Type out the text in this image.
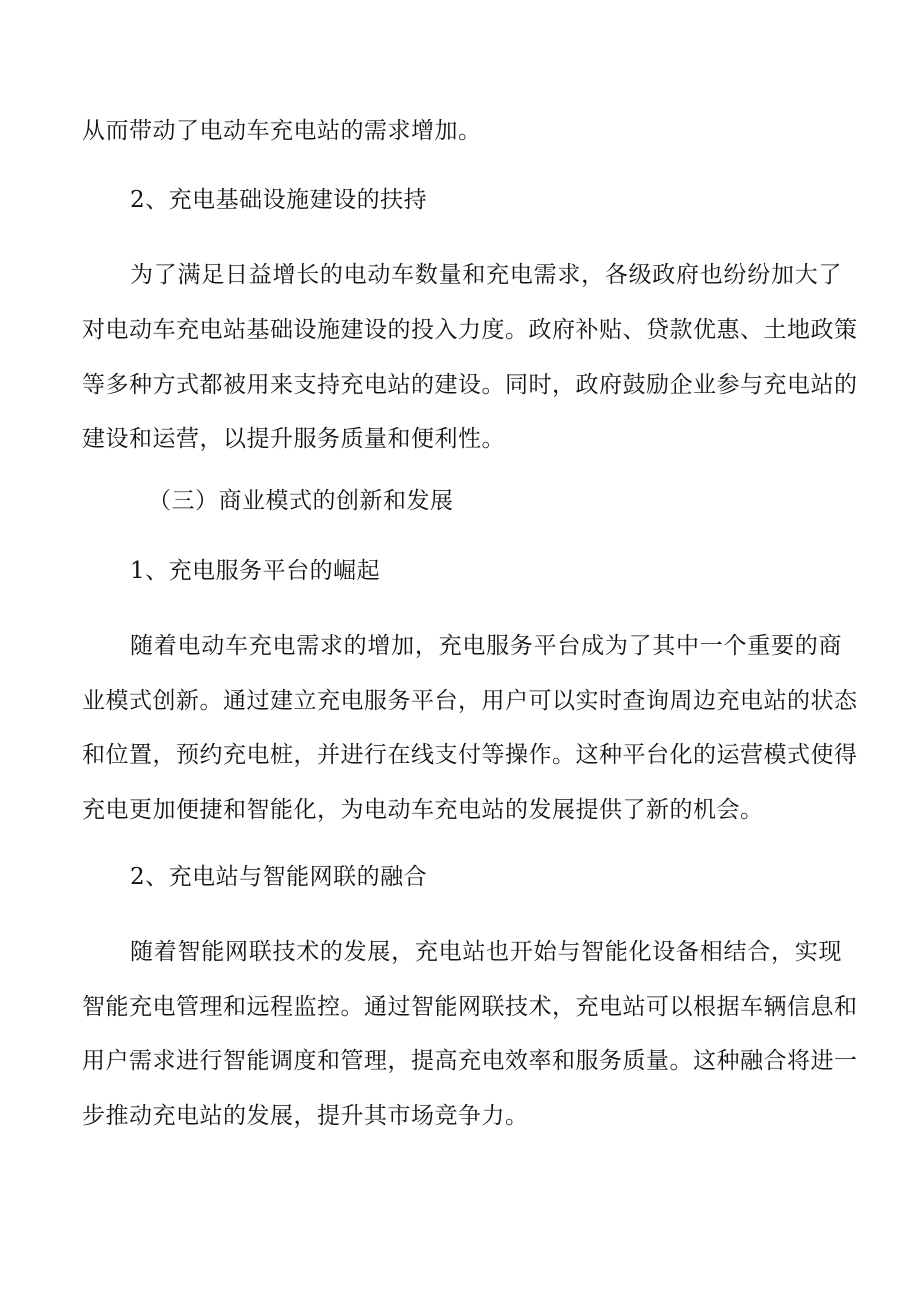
从而带动了电动车充电站的需求增加。
2、充电基础设施建设的扶持
为了满足日益增长的电动车数量和充电需求，各级政府也纷纷加大了
对电动车充电站基础设施建设的投入力度。政府补贴、贷款优惠、土地政策
等多种方式都被用来支持充电站的建设。同时，政府鼓励企业参与充电站的
建设和运营，以提升服务质量和便利性。
（三）商业模式的创新和发展
1、充电服务平台的崛起
随着电动车充电需求的增加，充电服务平台成为了其中一个重要的商
业模式创新。通过建立充电服务平台，用户可以实时查询周边充电站的状态
和位置，预约充电桩，并进行在线支付等操作。这种平台化的运营模式使得
充电更加便捷和智能化，为电动车充电站的发展提供了新的机会。
2、充电站与智能网联的融合
随着智能网联技术的发展，充电站也开始与智能化设备相结合，实现
智能充电管理和远程监控。通过智能网联技术，充电站可以根据车辆信息和
用户需求进行智能调度和管理，提高充电效率和服务质量。这种融合将进一
步推动充电站的发展，提升其市场竞争力。
